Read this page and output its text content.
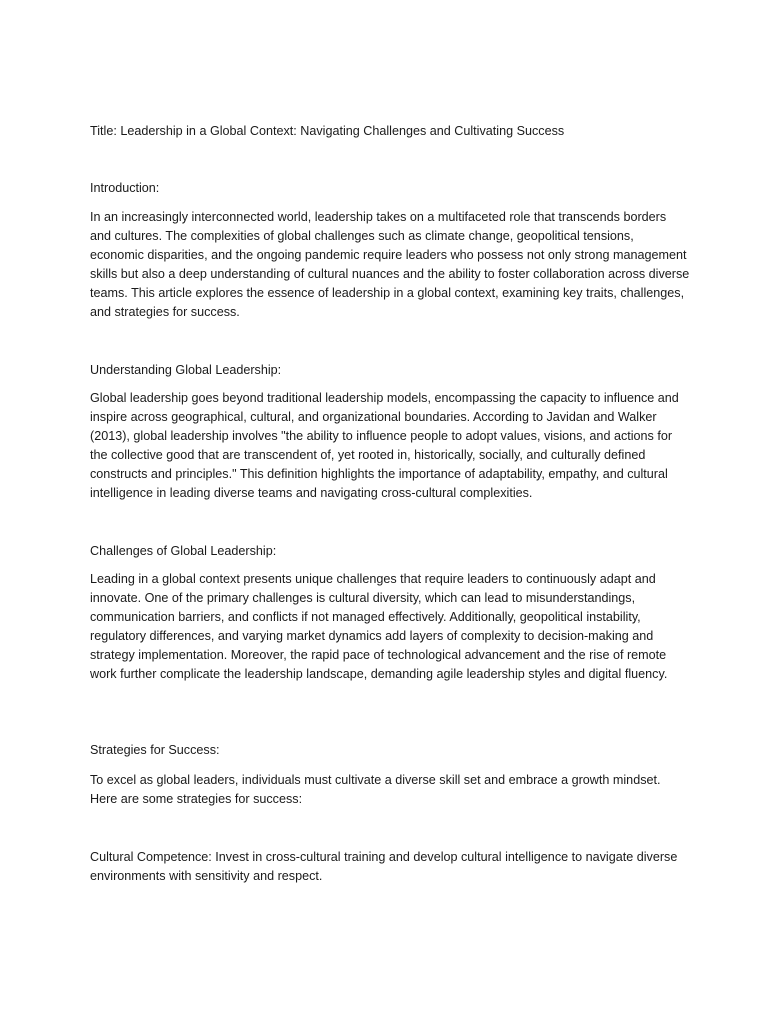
Title: Leadership in a Global Context: Navigating Challenges and Cultivating Success

Introduction:

In an increasingly interconnected world, leadership takes on a multifaceted role that transcends borders and cultures. The complexities of global challenges such as climate change, geopolitical tensions, economic disparities, and the ongoing pandemic require leaders who possess not only strong management skills but also a deep understanding of cultural nuances and the ability to foster collaboration across diverse teams. This article explores the essence of leadership in a global context, examining key traits, challenges, and strategies for success.

Understanding Global Leadership:

Global leadership goes beyond traditional leadership models, encompassing the capacity to influence and inspire across geographical, cultural, and organizational boundaries. According to Javidan and Walker (2013), global leadership involves "the ability to influence people to adopt values, visions, and actions for the collective good that are transcendent of, yet rooted in, historically, socially, and culturally defined constructs and principles." This definition highlights the importance of adaptability, empathy, and cultural intelligence in leading diverse teams and navigating cross-cultural complexities.

Challenges of Global Leadership:

Leading in a global context presents unique challenges that require leaders to continuously adapt and innovate. One of the primary challenges is cultural diversity, which can lead to misunderstandings, communication barriers, and conflicts if not managed effectively. Additionally, geopolitical instability, regulatory differences, and varying market dynamics add layers of complexity to decision-making and strategy implementation. Moreover, the rapid pace of technological advancement and the rise of remote work further complicate the leadership landscape, demanding agile leadership styles and digital fluency.

Strategies for Success:

To excel as global leaders, individuals must cultivate a diverse skill set and embrace a growth mindset. Here are some strategies for success:

Cultural Competence: Invest in cross-cultural training and develop cultural intelligence to navigate diverse environments with sensitivity and respect.
